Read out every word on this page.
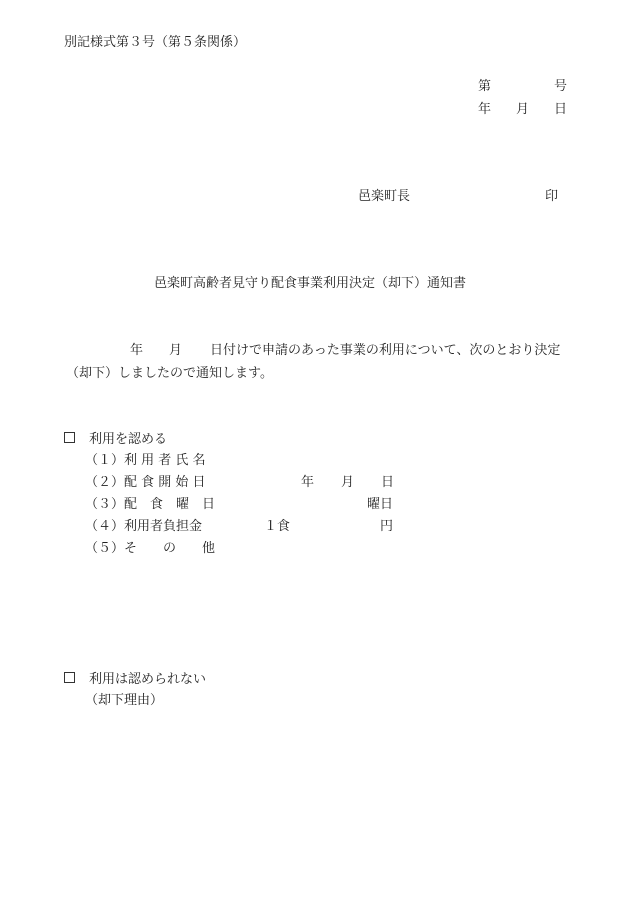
別記様式第３号（第５条関係）
第	号
年 月 日
邑楽町長	印
邑楽町高齢者見守り配食事業利用決定（却下）通知書
年 月 日付けで申請のあった事業の利用について、次のとおり決定
（却下）しましたので通知します。
利用を認める
（１）利 用 者 氏 名
（２）配 食 開 始 日	年 月 日
（３）配　食　曜　日	曜日
（４）利用者負担金	１食	円
（５）そ　　の　　他
利用は認められない
（却下理由）
